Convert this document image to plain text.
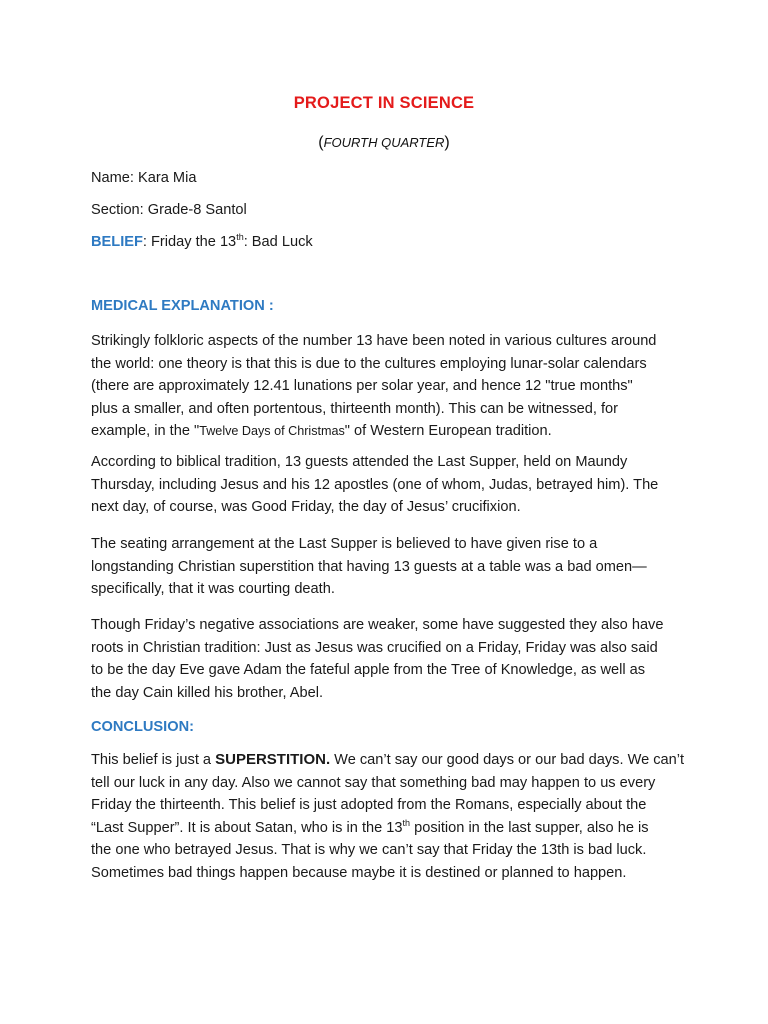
PROJECT IN SCIENCE
(FOURTH QUARTER)
Name: Kara Mia
Section: Grade-8 Santol
BELIEF: Friday the 13th: Bad Luck
MEDICAL EXPLANATION :
Strikingly folkloric aspects of the number 13 have been noted in various cultures around
the world: one theory is that this is due to the cultures employing lunar-solar calendars
(there are approximately 12.41 lunations per solar year, and hence 12 "true months"
plus a smaller, and often portentous, thirteenth month). This can be witnessed, for
example, in the "Twelve Days of Christmas" of Western European tradition.
According to biblical tradition, 13 guests attended the Last Supper, held on Maundy
Thursday, including Jesus and his 12 apostles (one of whom, Judas, betrayed him). The
next day, of course, was Good Friday, the day of Jesus’ crucifixion.
The seating arrangement at the Last Supper is believed to have given rise to a
longstanding Christian superstition that having 13 guests at a table was a bad omen—
specifically, that it was courting death.
Though Friday’s negative associations are weaker, some have suggested they also have
roots in Christian tradition: Just as Jesus was crucified on a Friday, Friday was also said
to be the day Eve gave Adam the fateful apple from the Tree of Knowledge, as well as
the day Cain killed his brother, Abel.
CONCLUSION:
This belief is just a SUPERSTITION. We can’t say our good days or our bad days. We can’t
tell our luck in any day. Also we cannot say that something bad may happen to us every
Friday the thirteenth. This belief is just adopted from the Romans, especially about the
“Last Supper”. It is about Satan, who is in the 13th position in the last supper, also he is
the one who betrayed Jesus. That is why we can’t say that Friday the 13th is bad luck.
Sometimes bad things happen because maybe it is destined or planned to happen.
